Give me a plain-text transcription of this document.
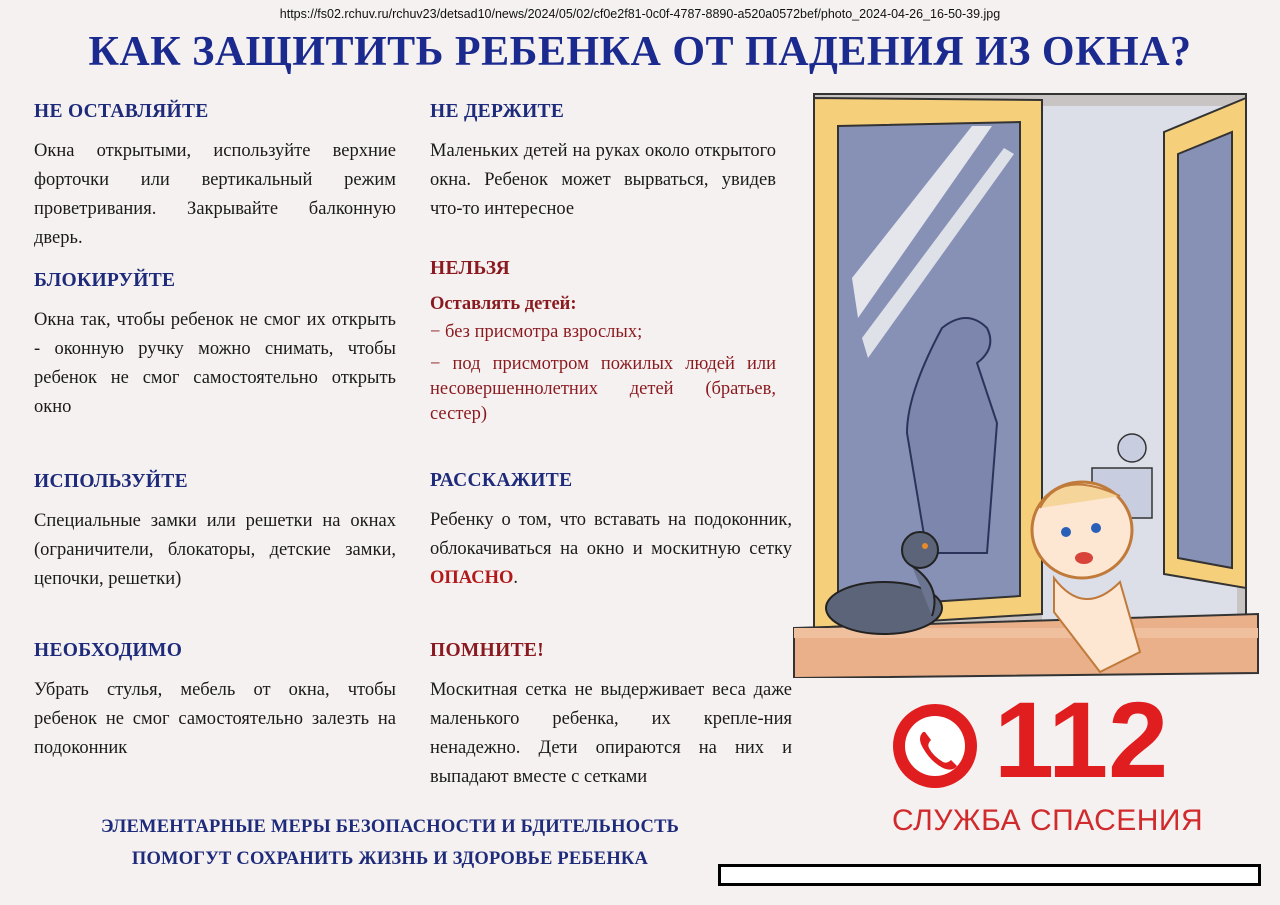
https://fs02.rchuv.ru/rchuv23/detsad10/news/2024/05/02/cf0e2f81-0c0f-4787-8890-a520a0572bef/photo_2024-04-26_16-50-39.jpg
КАК ЗАЩИТИТЬ РЕБЕНКА ОТ ПАДЕНИЯ ИЗ ОКНА?
НЕ ОСТАВЛЯЙТЕ
Окна открытыми, используйте верхние форточки или вертикальный режим проветривания. Закрывайте балконную дверь.
БЛОКИРУЙТЕ
Окна так, чтобы ребенок не смог их открыть - оконную ручку можно снимать, чтобы ребенок не смог самостоятельно открыть окно
ИСПОЛЬЗУЙТЕ
Специальные замки или решетки на окнах (ограничители, блокаторы, детские замки, цепочки, решетки)
НЕОБХОДИМО
Убрать стулья, мебель от окна, чтобы ребенок не смог самостоятельно залезть на подоконник
НЕ ДЕРЖИТЕ
Маленьких детей на руках около открытого окна. Ребенок может вырваться, увидев что-то интересное
НЕЛЬЗЯ
Оставлять детей:
− без присмотра взрослых;
− под присмотром пожилых людей или несовершеннолетних детей (братьев, сестер)
РАССКАЖИТЕ
Ребенку о том, что вставать на подоконник, облокачиваться на окно и москитную сетку ОПАСНО.
ПОМНИТЕ!
Москитная сетка не выдерживает веса даже маленького ребенка, их крепле-ния ненадежно. Дети опираются на них и выпадают вместе с сетками
ЭЛЕМЕНТАРНЫЕ МЕРЫ БЕЗОПАСНОСТИ И БДИТЕЛЬНОСТЬ
ПОМОГУТ СОХРАНИТЬ ЖИЗНЬ И ЗДОРОВЬЕ РЕБЕНКА
112
СЛУЖБА СПАСЕНИЯ
